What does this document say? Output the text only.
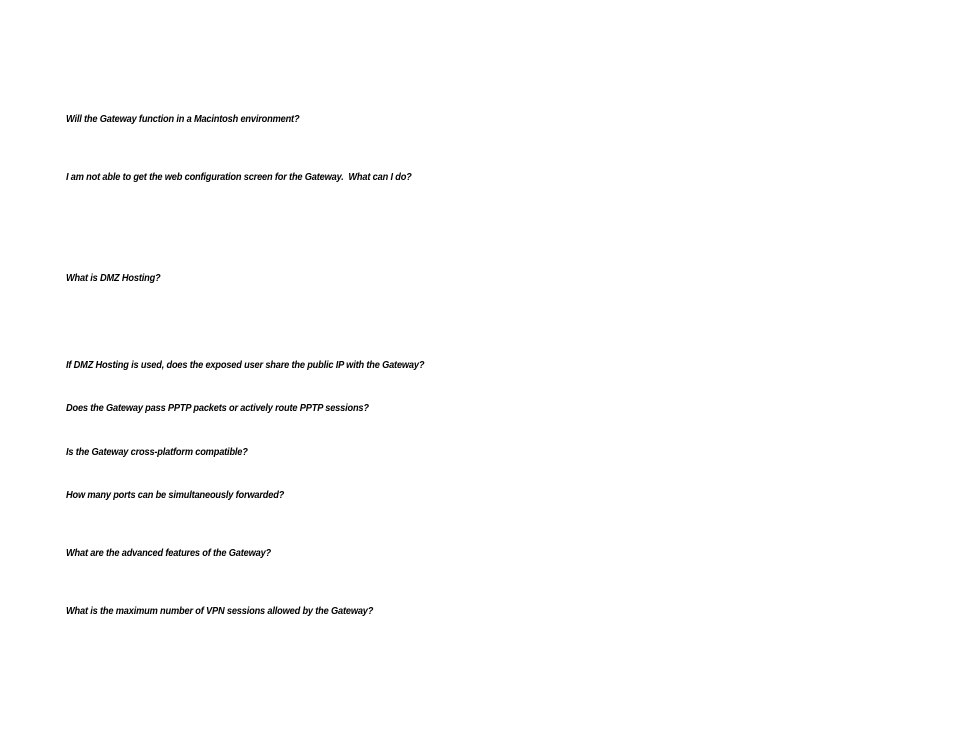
Will the Gateway function in a Macintosh environment?

I am not able to get the web configuration screen for the Gateway.  What can I do?

What is DMZ Hosting?

If DMZ Hosting is used, does the exposed user share the public IP with the Gateway?

Does the Gateway pass PPTP packets or actively route PPTP sessions?

Is the Gateway cross-platform compatible?

How many ports can be simultaneously forwarded?

What are the advanced features of the Gateway?

What is the maximum number of VPN sessions allowed by the Gateway?
